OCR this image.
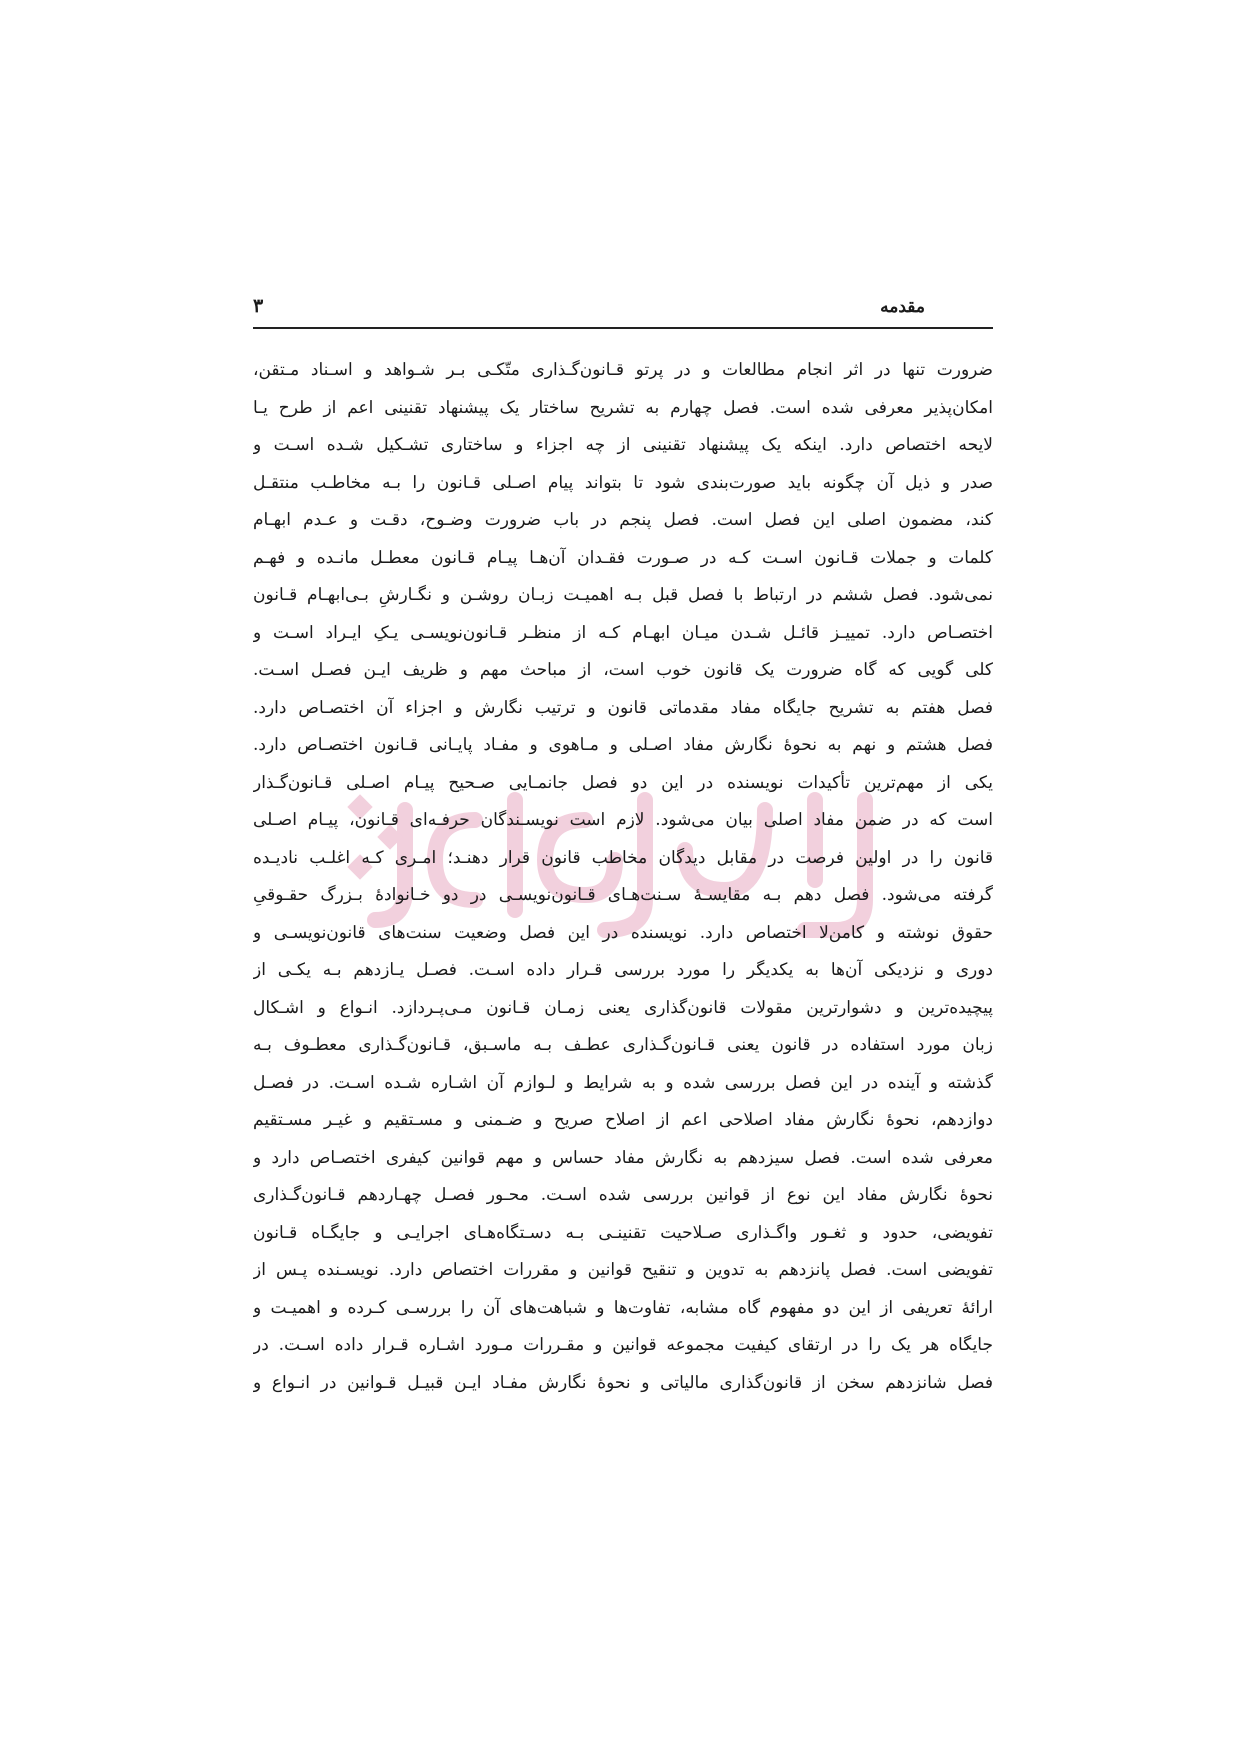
مقدمه
۳
ضرورت تنها در اثر انجام مطالعات و در پرتو قـانون‌گـذاری متّکـی بـر شـواهد و اسـناد مـتقن،
امکان‌پذیر معرفی شده است. فصل چهارم به تشریح ساختار یک پیشنهاد تقنینی اعم از طرح یـا
لایحه اختصاص دارد. اینکه یک پیشنهاد تقنینی از چه اجزاء و ساختاری تشـکیل شـده اسـت و
صدر و ذیل آن چگونه باید صورت‌بندی شود تا بتواند پیام اصـلی قـانون را بـه مخاطـب منتقـل
کند، مضمون اصلی این فصل است. فصل پنجم در باب ضرورت وضـوح، دقـت و عـدم ابهـام
کلمات و جملات قـانون اسـت کـه در صـورت فقـدان آن‌هـا پیـام قـانون معطـل مانـده و فهـم
نمی‌شود. فصل ششم در ارتباط با فصل قبل بـه اهمیـت زبـان روشـن و نگـارشِ بـی‌ابهـام قـانون
اختصـاص دارد. تمییـز قائـل شـدن میـان ابهـام کـه از منظـر قـانون‌نویسـی یـکِ ایـراد اسـت و
کلی گویی که گاه ضرورت یک قانون خوب است، از مباحث مهم و ظریف ایـن فصـل اسـت.
فصل هفتم به تشریح جایگاه مفاد مقدماتی قانون و ترتیب نگارش و اجزاء آن اختصـاص دارد.
فصل هشتم و نهم به نحوهٔ نگارش مفاد اصـلی و مـاهوی و مفـاد پایـانی قـانون اختصـاص دارد.
یکی از مهم‌ترین تأکیدات نویسنده در این دو فصل جانمـایی صـحیح پیـام اصـلی قـانون‌گـذار
است که در ضمن مفاد اصلی بیان می‌شود. لازم است نویسـندگان حرفـه‌ای قـانون، پیـام اصـلی
قانون را در اولین فرصت در مقابل دیدگان مخاطب قانون قرار دهنـد؛ امـری کـه اغلـب نادیـده
گرفته می‌شود. فصل دهم بـه مقایسـهٔ سـنت‌هـای قـانون‌نویسـی در دو خـانوادهٔ بـزرگ حقـوقیِ
حقوق نوشته و کامن‌لا اختصاص دارد. نویسنده در این فصل وضعیت سنت‌های قانون‌نویسـی و
دوری و نزدیکی آن‌ها به یکدیگر را مورد بررسی قـرار داده اسـت. فصـل یـازدهم بـه یکـی از
پیچیده‌ترین و دشوارترین مقولات قانون‌گذاری یعنی زمـان قـانون مـی‌پـردازد. انـواع و اشـکال
زبان مورد استفاده در قانون یعنی قـانون‌گـذاری عطـف بـه ماسـبق، قـانون‌گـذاری معطـوف بـه
گذشته و آینده در این فصل بررسی شده و به شرایط و لـوازم آن اشـاره شـده اسـت. در فصـل
دوازدهم، نحوهٔ نگارش مفاد اصلاحی اعم از اصلاح صریح و ضـمنی و مسـتقیم و غیـر مسـتقیم
معرفی شده است. فصل سیزدهم به نگارش مفاد حساس و مهم قوانین کیفری اختصـاص دارد و
نحوهٔ نگارش مفاد این نوع از قوانین بررسی شده اسـت. محـور فصـل چهـاردهم قـانون‌گـذاری
تفویضی، حدود و ثغـور واگـذاری صـلاحیت تقنینـی بـه دسـتگاه‌هـای اجرایـی و جایگـاه قـانون
تفویضی است. فصل پانزدهم به تدوین و تنقیح قوانین و مقررات اختصاص دارد. نویسـنده پـس از
ارائهٔ تعریفی از این دو مفهوم گاه مشابه، تفاوت‌ها و شباهت‌های آن را بررسـی کـرده و اهمیـت و
جایگاه هر یک را در ارتقای کیفیت مجموعه قوانین و مقـررات مـورد اشـاره قـرار داده اسـت. در
فصل شانزدهم سخن از قانون‌گذاری مالیاتی و نحوهٔ نگارش مفـاد ایـن قبیـل قـوانین در انـواع و
